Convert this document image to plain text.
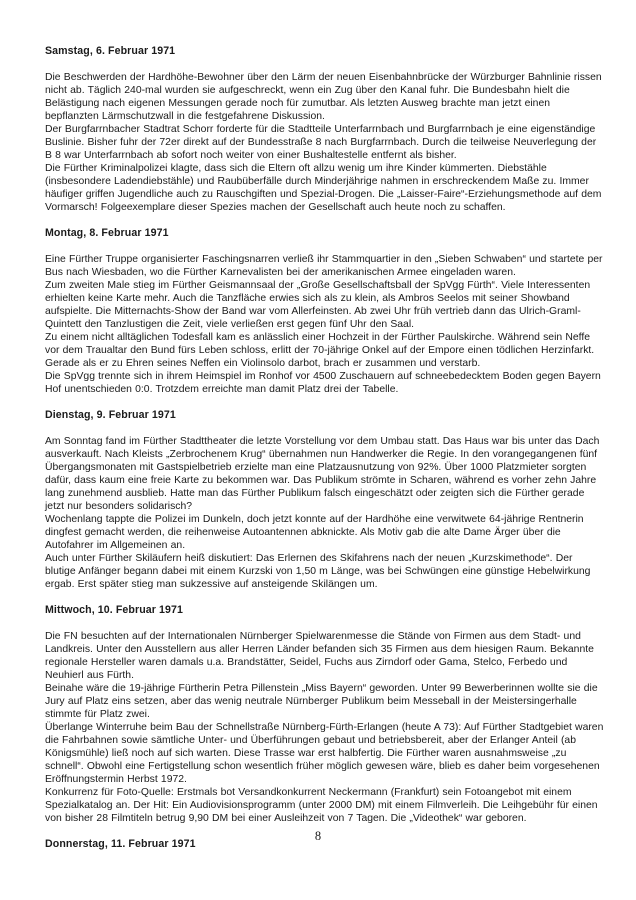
Samstag, 6. Februar 1971

Die Beschwerden der Hardhöhe-Bewohner über den Lärm der neuen Eisenbahnbrücke der Würzburger Bahnlinie rissen nicht ab. Täglich 240-mal wurden sie aufgeschreckt, wenn ein Zug über den Kanal fuhr. Die Bundesbahn hielt die Belästigung nach eigenen Messungen gerade noch für zumutbar. Als letzten Ausweg brachte man jetzt einen bepflanzten Lärmschutzwall in die festgefahrene Diskussion.

Der Burgfarrnbacher Stadtrat Schorr forderte für die Stadtteile Unterfarrnbach und Burgfarrnbach je eine eigenständige Buslinie. Bisher fuhr der 72er direkt auf der Bundesstraße 8 nach Burgfarrnbach. Durch die teilweise Neuverlegung der B 8 war Unterfarrnbach ab sofort noch weiter von einer Bushaltestelle entfernt als bisher.

Die Fürther Kriminalpolizei klagte, dass sich die Eltern oft allzu wenig um ihre Kinder kümmerten. Diebstähle (insbesondere Ladendiebstähle) und Raubüberfälle durch Minderjährige nahmen in erschreckendem Maße zu. Immer häufiger griffen Jugendliche auch zu Rauschgiften und Spezial-Drogen. Die „Laisser-Faire“-Erziehungsmethode auf dem Vormarsch! Folgeexemplare dieser Spezies machen der Gesellschaft auch heute noch zu schaffen.

Montag, 8. Februar 1971

Eine Fürther Truppe organisierter Faschingsnarren verließ ihr Stammquartier in den „Sieben Schwaben“ und startete per Bus nach Wiesbaden, wo die Fürther Karnevalisten bei der amerikanischen Armee eingeladen waren.

Zum zweiten Male stieg im Fürther Geismannsaal der „Große Gesellschaftsball der SpVgg Fürth“. Viele Interessenten erhielten keine Karte mehr. Auch die Tanzfläche erwies sich als zu klein, als Ambros Seelos mit seiner Showband aufspielte. Die Mitternachts-Show der Band war vom Allerfeinsten. Ab zwei Uhr früh vertrieb dann das Ulrich-Graml-Quintett den Tanzlustigen die Zeit, viele verließen erst gegen fünf Uhr den Saal.

Zu einem nicht alltäglichen Todesfall kam es anlässlich einer Hochzeit in der Fürther Paulskirche. Während sein Neffe vor dem Traualtar den Bund fürs Leben schloss, erlitt der 70-jährige Onkel auf der Empore einen tödlichen Herzinfarkt. Gerade als er zu Ehren seines Neffen ein Violinsolo darbot, brach er zusammen und verstarb.

Die SpVgg trennte sich in ihrem Heimspiel im Ronhof vor 4500 Zuschauern auf schneebedecktem Boden gegen Bayern Hof unentschieden 0:0. Trotzdem erreichte man damit Platz drei der Tabelle.

Dienstag, 9. Februar 1971

Am Sonntag fand im Fürther Stadttheater die letzte Vorstellung vor dem Umbau statt. Das Haus war bis unter das Dach ausverkauft. Nach Kleists „Zerbrochenem Krug“ übernahmen nun Handwerker die Regie. In den vorangegangenen fünf Übergangsmonaten mit Gastspielbetrieb erzielte man eine Platzausnutzung von 92%. Über 1000 Platzmieter sorgten dafür, dass kaum eine freie Karte zu bekommen war. Das Publikum strömte in Scharen, während es vorher zehn Jahre lang zunehmend ausblieb. Hatte man das Fürther Publikum falsch eingeschätzt oder zeigten sich die Fürther gerade jetzt nur besonders solidarisch?

Wochenlang tappte die Polizei im Dunkeln, doch jetzt konnte auf der Hardhöhe eine verwitwete 64-jährige Rentnerin dingfest gemacht werden, die reihenweise Autoantennen abknickte. Als Motiv gab die alte Dame Ärger über die Autofahrer im Allgemeinen an.

Auch unter Fürther Skiläufern heiß diskutiert: Das Erlernen des Skifahrens nach der neuen „Kurzskimethode“. Der blutige Anfänger begann dabei mit einem Kurzski von 1,50 m Länge, was bei Schwüngen eine günstige Hebelwirkung ergab. Erst später stieg man sukzessive auf ansteigende Skilängen um.

Mittwoch, 10. Februar 1971

Die FN besuchten auf der Internationalen Nürnberger Spielwarenmesse die Stände von Firmen aus dem Stadt- und Landkreis. Unter den Ausstellern aus aller Herren Länder befanden sich 35 Firmen aus dem hiesigen Raum. Bekannte regionale Hersteller waren damals u.a. Brandstätter, Seidel, Fuchs aus Zirndorf oder Gama, Stelco, Ferbedo und Neuhierl aus Fürth.

Beinahe wäre die 19-jährige Fürtherin Petra Pillenstein „Miss Bayern“ geworden. Unter 99 Bewerberinnen wollte sie die Jury auf Platz eins setzen, aber das wenig neutrale Nürnberger Publikum beim Messeball in der Meistersingerhalle stimmte für Platz zwei.

Überlange Winterruhe beim Bau der Schnellstraße Nürnberg-Fürth-Erlangen (heute A 73): Auf Fürther Stadtgebiet waren die Fahrbahnen sowie sämtliche Unter- und Überführungen gebaut und betriebsbereit, aber der Erlanger Anteil (ab Königsmühle) ließ noch auf sich warten. Diese Trasse war erst halbfertig. Die Fürther waren ausnahmsweise „zu schnell“. Obwohl eine Fertigstellung schon wesentlich früher möglich gewesen wäre, blieb es daher beim vorgesehenen Eröffnungstermin Herbst 1972.

Konkurrenz für Foto-Quelle: Erstmals bot Versandkonkurrent Neckermann (Frankfurt) sein Fotoangebot mit einem Spezialkatalog an. Der Hit: Ein Audiovisionsprogramm (unter 2000 DM) mit einem Filmverleih. Die Leihgebühr für einen von bisher 28 Filmtiteln betrug 9,90 DM bei einer Ausleihzeit von 7 Tagen. Die „Videothek“ war geboren.

Donnerstag, 11. Februar 1971
8
